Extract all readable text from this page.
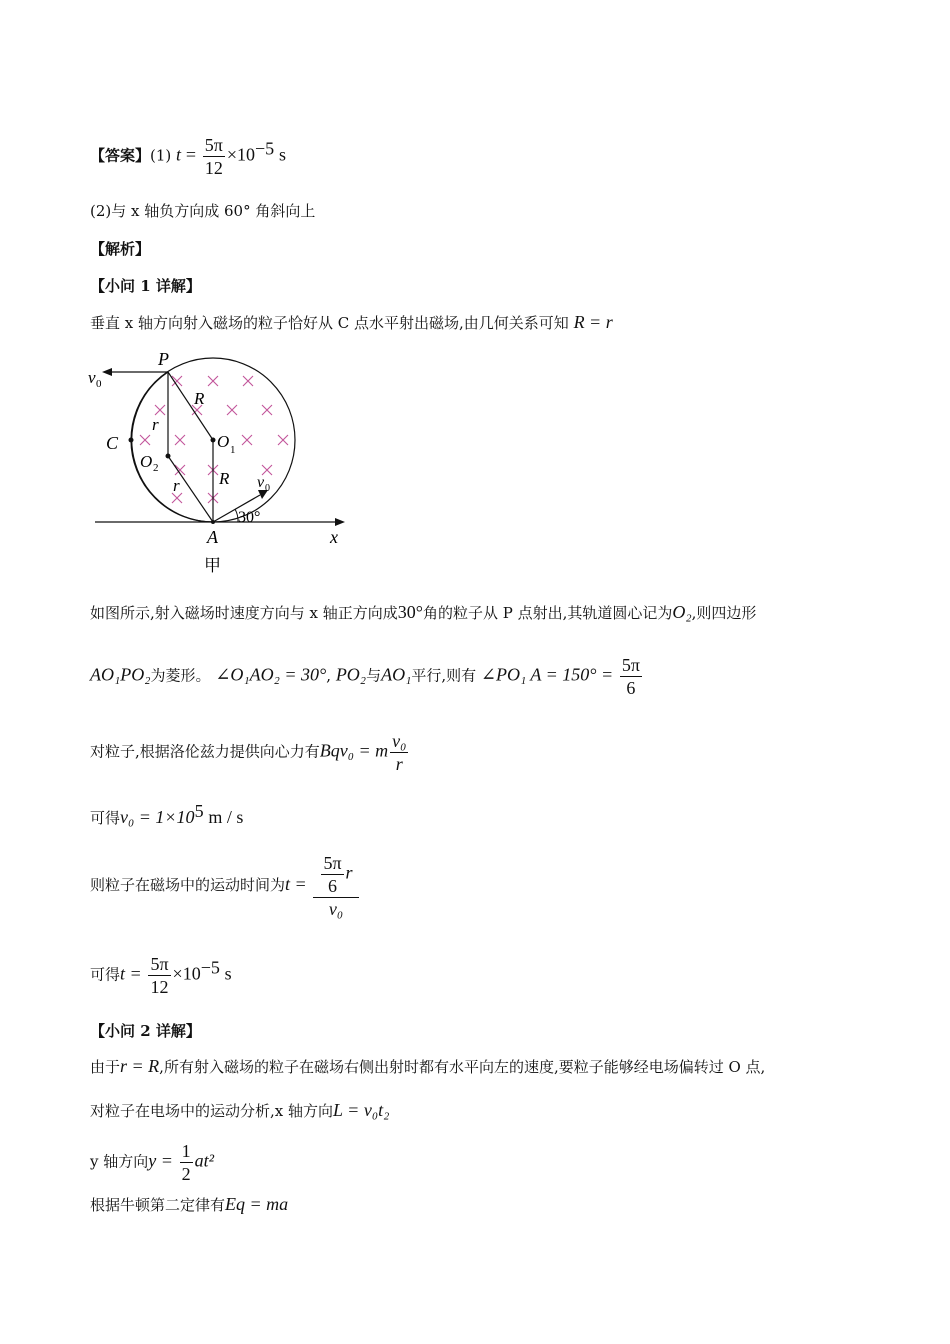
【答案】(1) $t = \frac{5\pi}{12} \times 10^{-5}$ s
(2)与 x 轴负方向成 60° 角斜向上
【解析】
【小问 1 详解】
垂直 x 轴方向射入磁场的粒子恰好从 C 点水平射出磁场,由几何关系可知 R = r
P
v 0
C
O 2
O 1
R
R
r
r	v 0
30°
A	x
甲
如图所示,射入磁场时速度方向与 x 轴正方向成30°角的粒子从 P 点射出,其轨道圆心记为O₂,则四边形
AO₁PO₂为菱形。 ∠O₁AO₂ = 30°, PO₂与AO₁平行,则有 ∠PO₁ $A = 150^\circ = \frac{5\pi}{6}$
对粒子,根据洛伦兹力提供向心力有Bqv₀ = m $\frac{\text{v₀}}{r}$
可得$v_0 = 1\times 10^5$ m / s
则粒子在磁场中的运动时间为$t = \frac{\frac{5\pi}{6} r}{\text{v₀}}$
可得$t = \frac{5\pi}{12} \times 10^{-5}$ s
【小问 2 详解】
由于r = R,所有射入磁场的粒子在磁场右侧出射时都有水平向左的速度,要粒子能够经电场偏转过 O 点,
对粒子在电场中的运动分析,x 轴方向L = v₀t₂
y 轴方向$y = \frac{1}{2} at^2$
根据牛顿第二定律有Eq = ma
